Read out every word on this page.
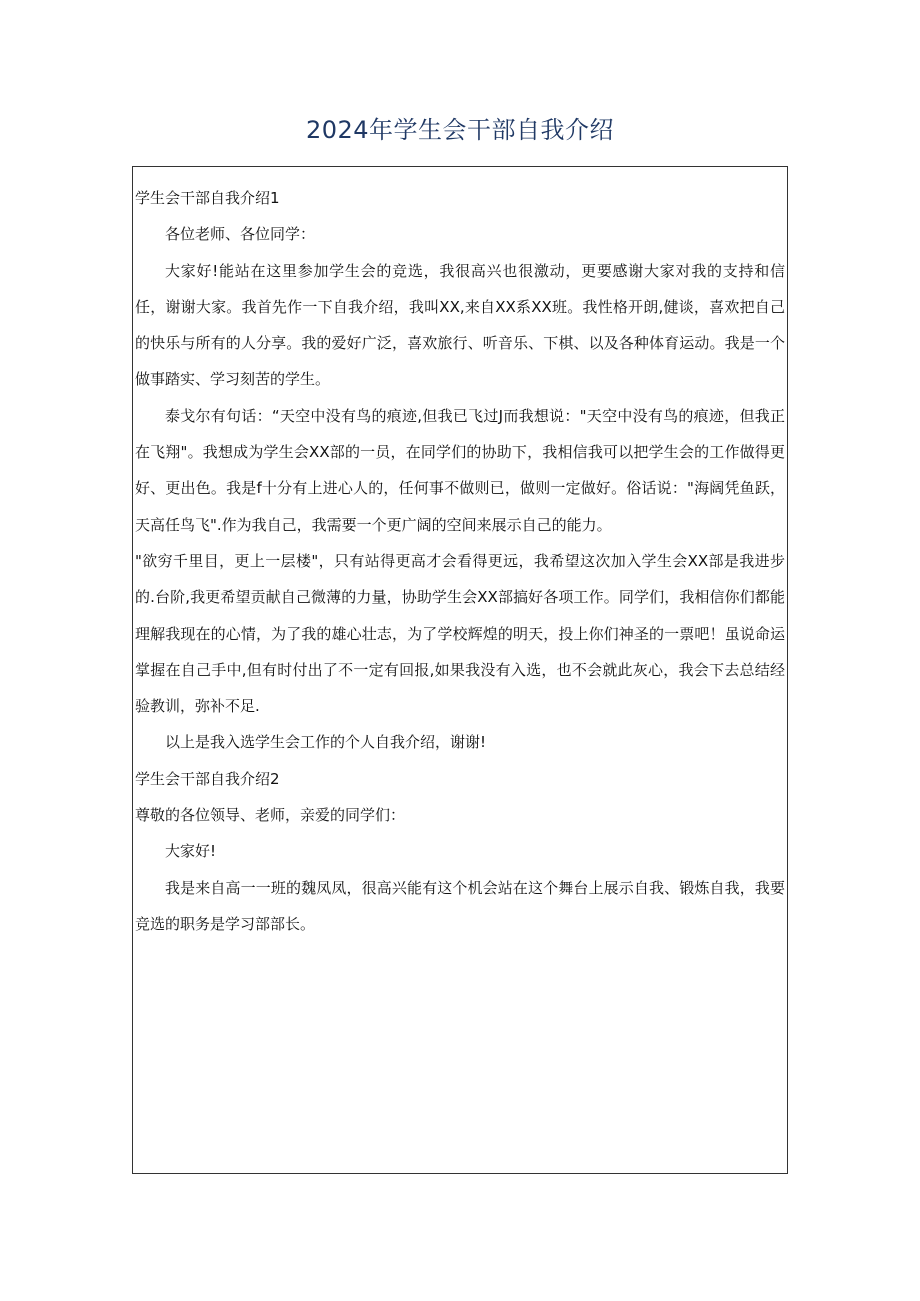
2024年学生会干部自我介绍

学生会干部自我介绍1

各位老师、各位同学：

大家好!能站在这里参加学生会的竞选，我很高兴也很激动，更要感谢大家对我的支持和信任，谢谢大家。我首先作一下自我介绍，我叫XX,来自XX系XX班。我性格开朗,健谈，喜欢把自己的快乐与所有的人分享。我的爱好广泛，喜欢旅行、听音乐、下棋、以及各种体育运动。我是一个做事踏实、学习刻苦的学生。

泰戈尔有句话：“天空中没有鸟的痕迹,但我已飞过J而我想说："天空中没有鸟的痕迹，但我正在飞翔"。我想成为学生会XX部的一员，在同学们的协助下，我相信我可以把学生会的工作做得更好、更出色。我是f十分有上进心人的，任何事不做则已，做则一定做好。俗话说："海阔凭鱼跃，天高任鸟飞".作为我自己，我需要一个更广阔的空间来展示自己的能力。

"欲穷千里目，更上一层楼"，只有站得更高才会看得更远，我希望这次加入学生会XX部是我进步的.台阶,我更希望贡献自己微薄的力量，协助学生会XX部搞好各项工作。同学们，我相信你们都能理解我现在的心情，为了我的雄心壮志，为了学校辉煌的明天，投上你们神圣的一票吧！虽说命运掌握在自己手中,但有时付出了不一定有回报,如果我没有入选，也不会就此灰心，我会下去总结经验教训，弥补不足.

以上是我入选学生会工作的个人自我介绍，谢谢!

学生会干部自我介绍2

尊敬的各位领导、老师，亲爱的同学们：

大家好!

我是来自高一一班的魏凤凤，很高兴能有这个机会站在这个舞台上展示自我、锻炼自我，我要竞选的职务是学习部部长。
